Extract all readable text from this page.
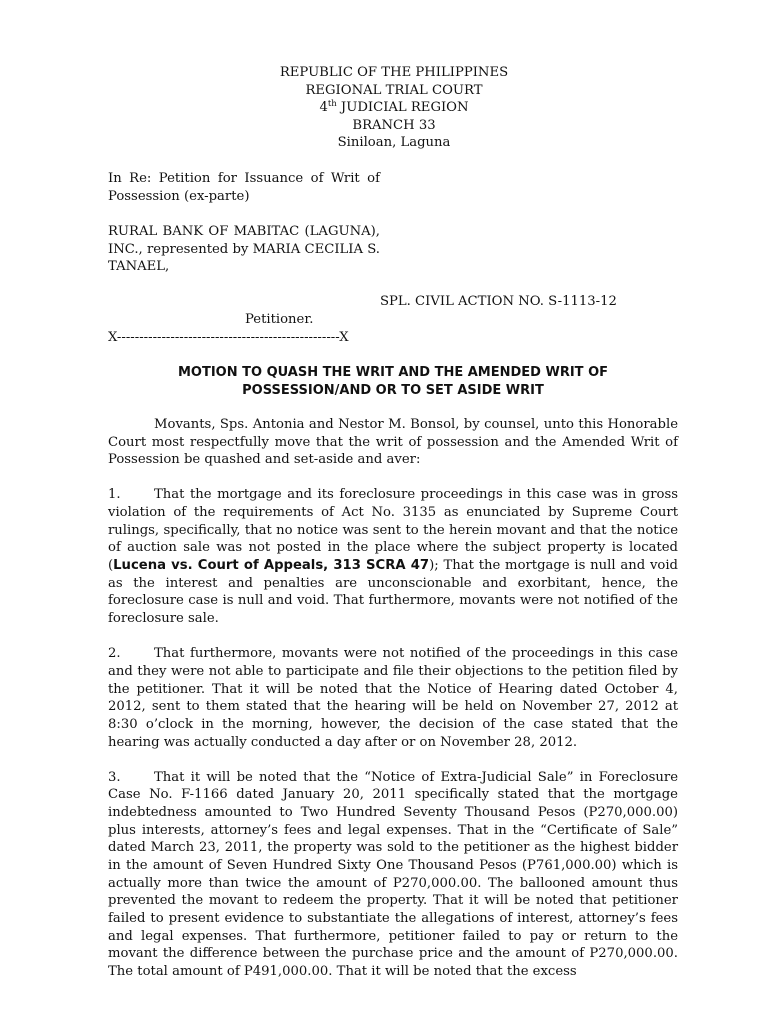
REPUBLIC OF THE PHILIPPINES
REGIONAL TRIAL COURT
4th JUDICIAL REGION
BRANCH 33
Siniloan, Laguna

In Re: Petition for Issuance of Writ of Possession (ex-parte)

RURAL BANK OF MABITAC (LAGUNA), INC., represented by MARIA CECILIA S. TANAEL,

SPL. CIVIL ACTION NO. S-1113-12
Petitioner.
X--------------------------------------------------X
MOTION TO QUASH THE WRIT AND THE AMENDED WRIT OF
POSSESSION/AND OR TO SET ASIDE WRIT

Movants, Sps. Antonia and Nestor M. Bonsol, by counsel, unto this Honorable Court most respectfully move that the writ of possession and the Amended Writ of Possession be quashed and set-aside and aver:

1.	That the mortgage and its foreclosure proceedings in this case was in gross violation of the requirements of Act No. 3135 as enunciated by Supreme Court rulings, specifically, that no notice was sent to the herein movant and that the notice of auction sale was not posted in the place where the subject property is located (Lucena vs. Court of Appeals, 313 SCRA 47); That the mortgage is null and void as the interest and penalties are unconscionable and exorbitant, hence, the foreclosure case is null and void. That furthermore, movants were not notified of the foreclosure sale.

2.	That furthermore, movants were not notified of the proceedings in this case and they were not able to participate and file their objections to the petition filed by the petitioner. That it will be noted that the Notice of Hearing dated October 4, 2012, sent to them stated that the hearing will be held on November 27, 2012 at 8:30 o’clock in the morning, however, the decision of the case stated that the hearing was actually conducted a day after or on November 28, 2012.

3.	That it will be noted that the “Notice of Extra-Judicial Sale” in Foreclosure Case No. F-1166 dated January 20, 2011 specifically stated that the mortgage indebtedness amounted to Two Hundred Seventy Thousand Pesos (P270,000.00) plus interests, attorney’s fees and legal expenses. That in the “Certificate of Sale” dated March 23, 2011, the property was sold to the petitioner as the highest bidder in the amount of Seven Hundred Sixty One Thousand Pesos (P761,000.00) which is actually more than twice the amount of P270,000.00. The ballooned amount thus prevented the movant to redeem the property. That it will be noted that petitioner failed to present evidence to substantiate the allegations of interest, attorney’s fees and legal expenses. That furthermore, petitioner failed to pay or return to the movant the difference between the purchase price and the amount of P270,000.00. The total amount of P491,000.00. That it will be noted that the excess
